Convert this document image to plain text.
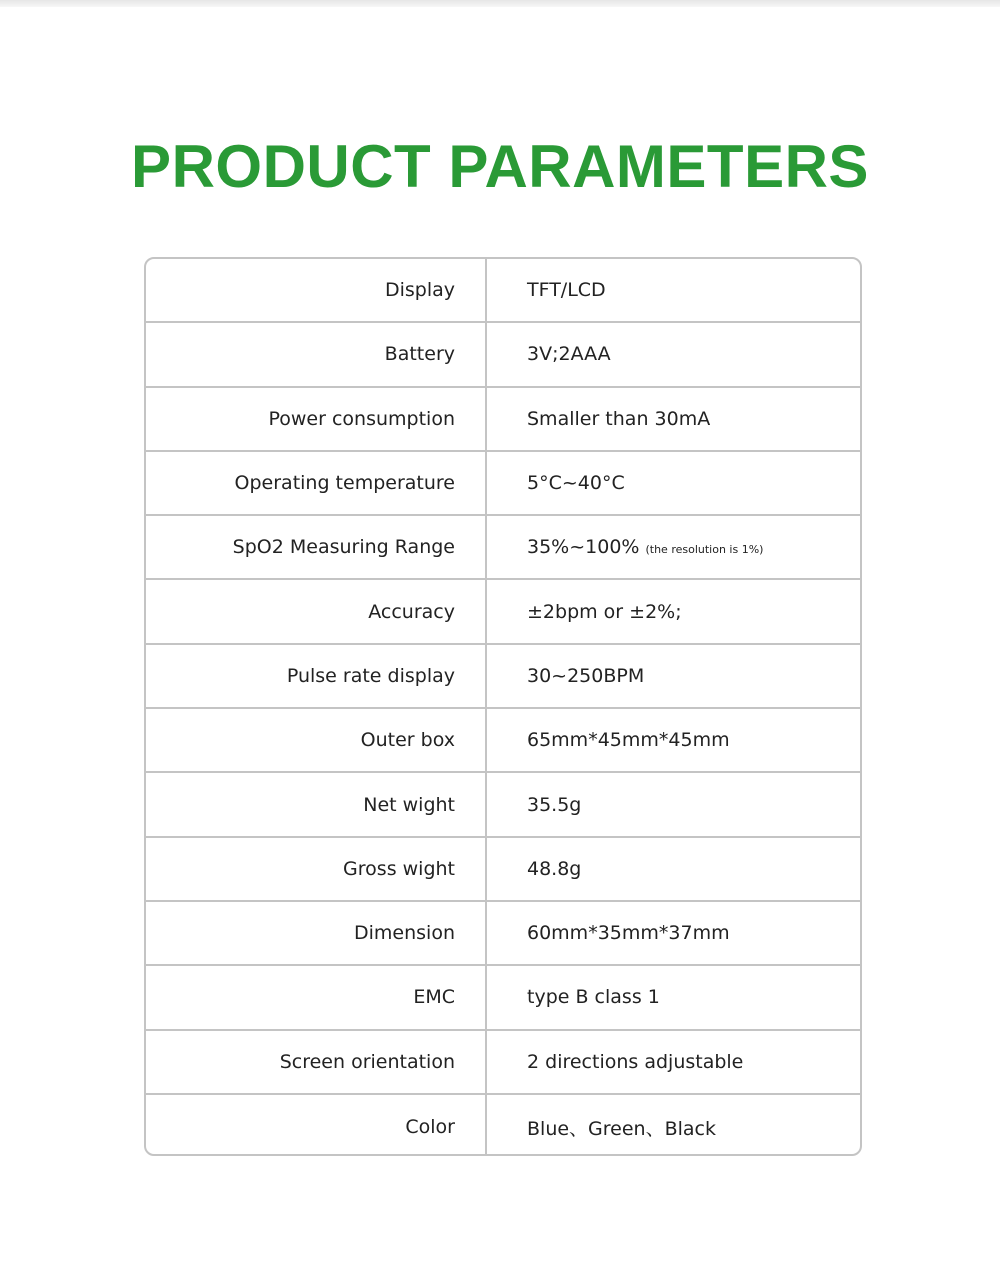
PRODUCT PARAMETERS
Display	TFT/LCD
Battery	3V;2AAA
Power consumption	Smaller than 30mA
Operating temperature	5°C~40°C
SpO2 Measuring Range	35%~100% (the resolution is 1%)
Accuracy	±2bpm or ±2%;
Pulse rate display	30~250BPM
Outer box	65mm*45mm*45mm
Net wight	35.5g
Gross wight	48.8g
Dimension	60mm*35mm*37mm
EMC	type B class 1
Screen orientation	2 directions adjustable
Color	Blue、Green、Black
